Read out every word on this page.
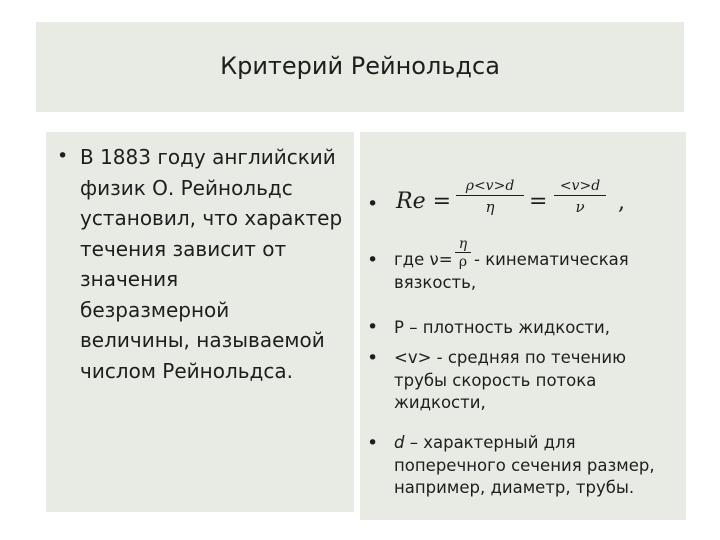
Критерий Рейнольдса
• В 1883 году английский
физик О. Рейнольдс
установил, что характер
течения зависит от
значения
безразмерной
величины, называемой
числом Рейнольдса.
• $Re = \frac{\rho<v>d}{\eta} = \frac{<v>d}{\nu}$ ,
• где $\nu= \frac{\eta}{\rho}$ - кинематическая
вязкость,
• Ρ – плотность жидкости,
• <v> - средняя по течению
трубы скорость потока
жидкости,
• d – характерный для
поперечного сечения размер,
например, диаметр, трубы.
